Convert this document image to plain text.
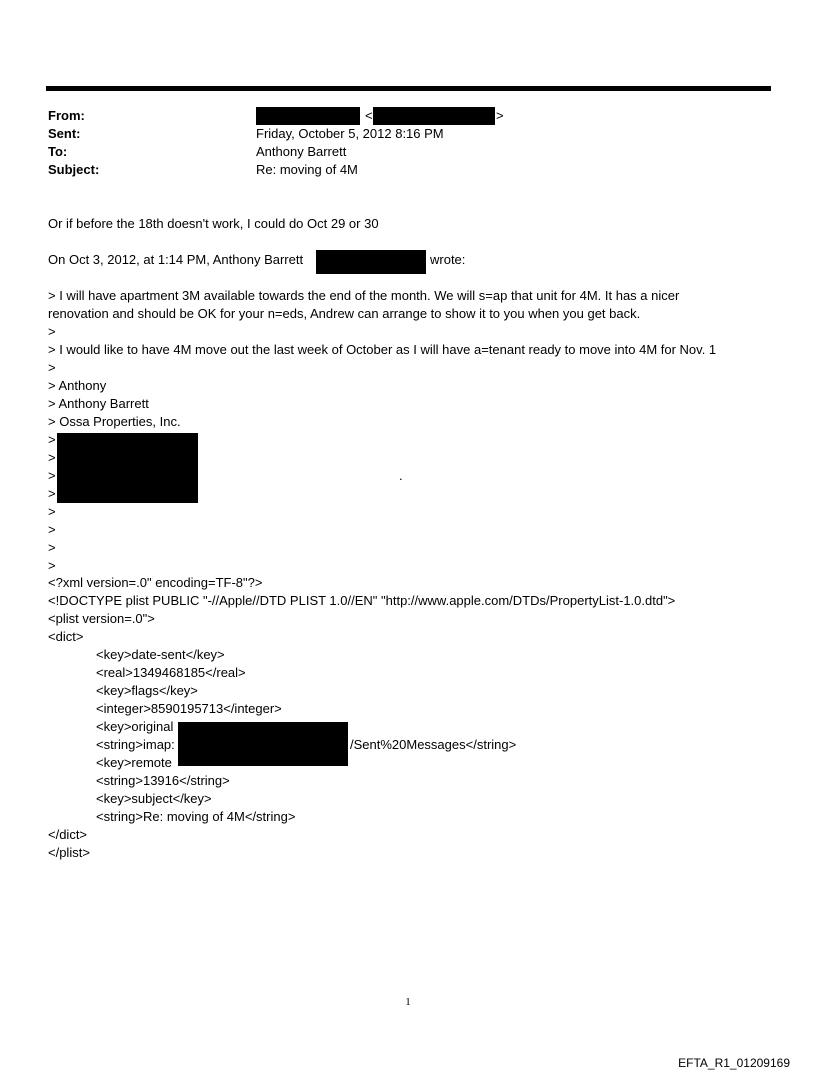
From:	<	>
Sent:	Friday, October 5, 2012 8:16 PM
To:	Anthony Barrett
Subject:	Re: moving of 4M
Or if before the 18th doesn't work, I could do Oct 29 or 30
On Oct 3, 2012, at 1:14 PM, Anthony Barrett	wrote:
> I will have apartment 3M available towards the end of the month. We will s=ap that unit for 4M. It has a nicer
renovation and should be OK for your n=eds, Andrew can arrange to show it to you when you get back.
>
> I would like to have 4M move out the last week of October as I will have a=tenant ready to move into 4M for Nov. 1
>
> Anthony
> Anthony Barrett
> Ossa Properties, Inc.
>
>
>
>
.
>
>
>
>
<?xml version=.0" encoding=TF-8"?>
<!DOCTYPE plist PUBLIC "-//Apple//DTD PLIST 1.0//EN" "http://www.apple.com/DTDs/PropertyList-1.0.dtd">
<plist version=.0">
<dict>
<key>date-sent</key>
<real>1349468185</real>
<key>flags</key>
<integer>8590195713</integer>
<key>original
<string>imap:	/Sent%20Messages</string>
<key>remote
<string>13916</string>
<key>subject</key>
<string>Re: moving of 4M</string>
</dict>
</plist>
1
EFTA_R1_01209169
